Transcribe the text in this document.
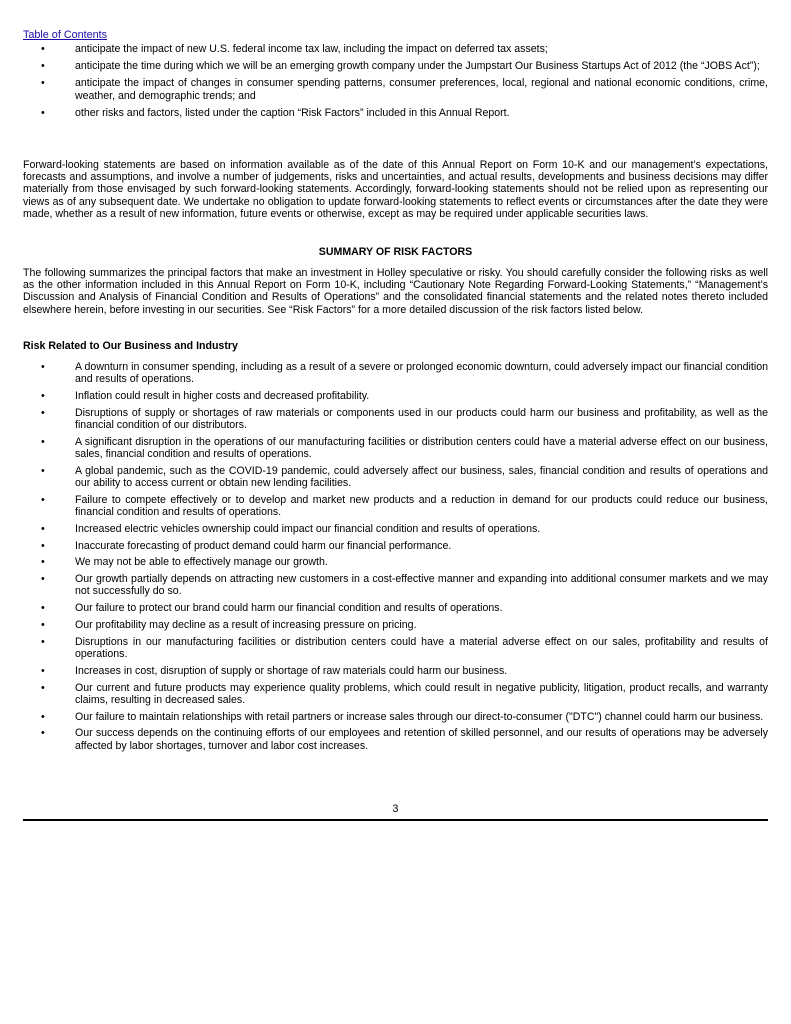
Table of Contents
•	anticipate the impact of new U.S. federal income tax law, including the impact on deferred tax assets;
•	anticipate the time during which we will be an emerging growth company under the Jumpstart Our Business Startups Act of 2012 (the “JOBS Act”);
•	anticipate the impact of changes in consumer spending patterns, consumer preferences, local, regional and national economic conditions, crime, weather, and demographic trends; and
•	other risks and factors, listed under the caption “Risk Factors” included in this Annual Report.

Forward-looking statements are based on information available as of the date of this Annual Report on Form 10-K and our management’s expectations, forecasts and assumptions, and involve a number of judgements, risks and uncertainties, and actual results, developments and business decisions may differ materially from those envisaged by such forward-looking statements. Accordingly, forward-looking statements should not be relied upon as representing our views as of any subsequent date. We undertake no obligation to update forward-looking statements to reflect events or circumstances after the date they were made, whether as a result of new information, future events or otherwise, except as may be required under applicable securities laws.

SUMMARY OF RISK FACTORS

The following summarizes the principal factors that make an investment in Holley speculative or risky. You should carefully consider the following risks as well as the other information included in this Annual Report on Form 10-K, including “Cautionary Note Regarding Forward-Looking Statements,” “Management’s Discussion and Analysis of Financial Condition and Results of Operations” and the consolidated financial statements and the related notes thereto included elsewhere herein, before investing in our securities. See “Risk Factors” for a more detailed discussion of the risk factors listed below.

Risk Related to Our Business and Industry

•	A downturn in consumer spending, including as a result of a severe or prolonged economic downturn, could adversely impact our financial condition and results of operations.
•	Inflation could result in higher costs and decreased profitability.
•	Disruptions of supply or shortages of raw materials or components used in our products could harm our business and profitability, as well as the financial condition of our distributors.
•	A significant disruption in the operations of our manufacturing facilities or distribution centers could have a material adverse effect on our business, sales, financial condition and results of operations.
•	A global pandemic, such as the COVID-19 pandemic, could adversely affect our business, sales, financial condition and results of operations and our ability to access current or obtain new lending facilities.
•	Failure to compete effectively or to develop and market new products and a reduction in demand for our products could reduce our business, financial condition and results of operations.
•	Increased electric vehicles ownership could impact our financial condition and results of operations.
•	Inaccurate forecasting of product demand could harm our financial performance.
•	We may not be able to effectively manage our growth.
•	Our growth partially depends on attracting new customers in a cost-effective manner and expanding into additional consumer markets and we may not successfully do so.
•	Our failure to protect our brand could harm our financial condition and results of operations.
•	Our profitability may decline as a result of increasing pressure on pricing.
•	Disruptions in our manufacturing facilities or distribution centers could have a material adverse effect on our sales, profitability and results of operations.
•	Increases in cost, disruption of supply or shortage of raw materials could harm our business.
•	Our current and future products may experience quality problems, which could result in negative publicity, litigation, product recalls, and warranty claims, resulting in decreased sales.
•	Our failure to maintain relationships with retail partners or increase sales through our direct-to-consumer ("DTC") channel could harm our business.
•	Our success depends on the continuing efforts of our employees and retention of skilled personnel, and our results of operations may be adversely affected by labor shortages, turnover and labor cost increases.
3
